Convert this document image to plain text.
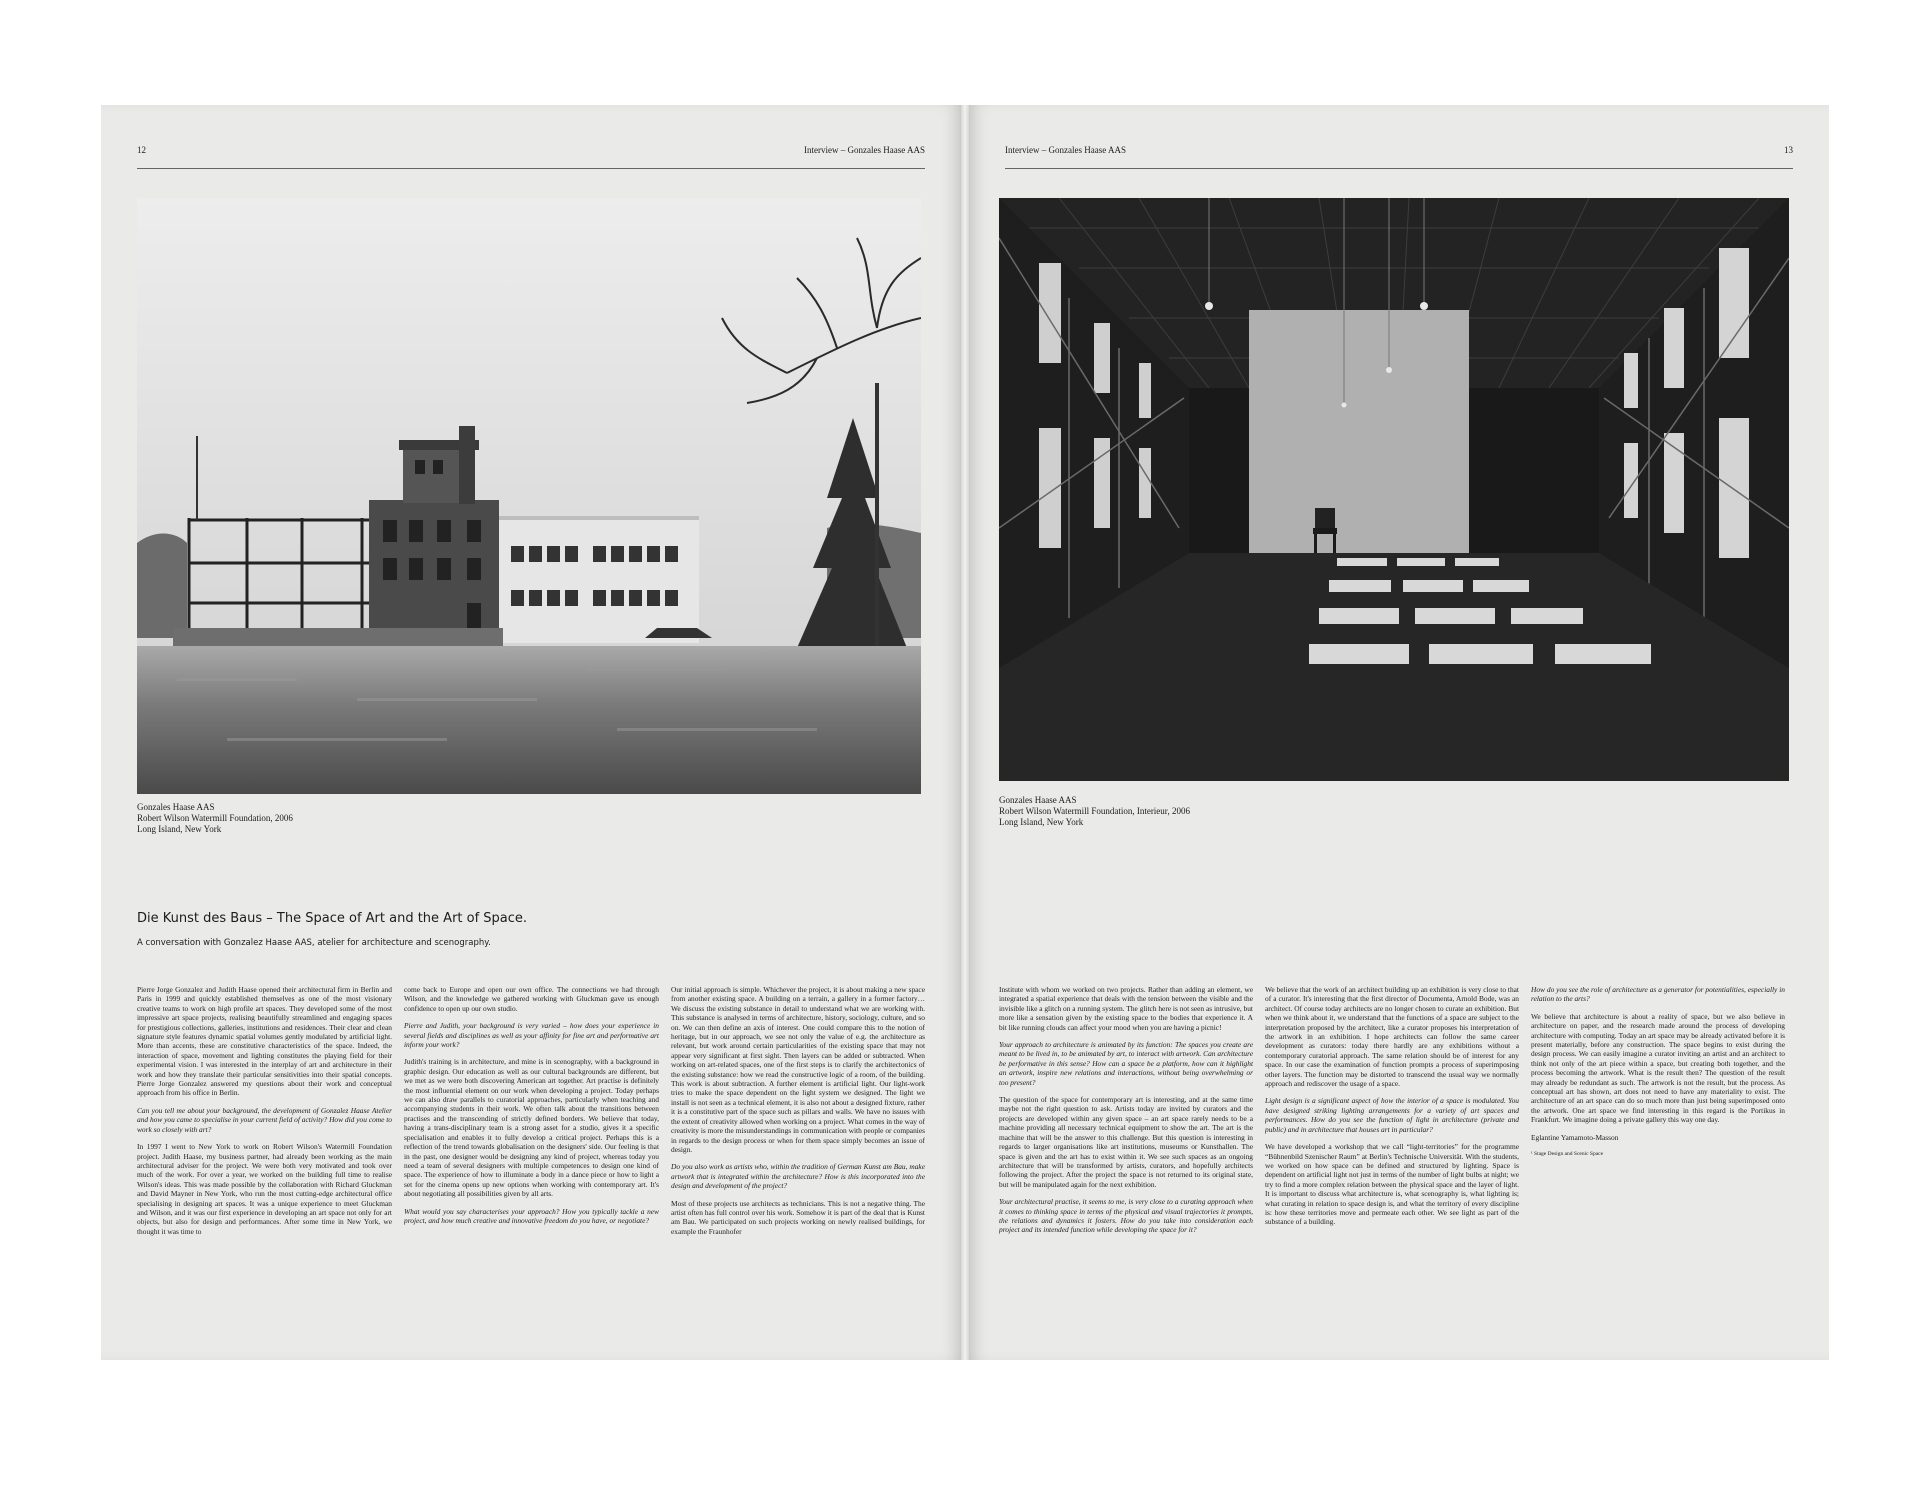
12	Interview – Gonzales Haase AAS
Gonzales Haase AAS
Robert Wilson Watermill Foundation, 2006
Long Island, New York
Die Kunst des Baus – The Space of Art and the Art of Space.
A conversation with Gonzalez Haase AAS, atelier for architecture and scenography.

Pierre Jorge Gonzalez and Judith Haase opened their architectural firm in Berlin and Paris in 1999 and quickly established themselves as one of the most visionary creative teams to work on high profile art spaces. They developed some of the most impressive art space projects, realising beautifully streamlined and engaging spaces for prestigious collections, galleries, institutions and residences. Their clear and clean signature style features dynamic spatial volumes gently modulated by artificial light. More than accents, these are constitutive characteristics of the space. Indeed, the interaction of space, movement and lighting constitutes the playing field for their experimental vision. I was interested in the interplay of art and architecture in their work and how they translate their particular sensitivities into their spatial concepts. Pierre Jorge Gonzalez answered my questions about their work and conceptual approach from his office in Berlin.

Can you tell me about your background, the development of Gonzalez Haase Atelier and how you came to specialise in your current field of activity? How did you come to work so closely with art?

In 1997 I went to New York to work on Robert Wilson's Watermill Foundation project. Judith Haase, my business partner, had already been working as the main architectural adviser for the project. We were both very motivated and took over much of the work. For over a year, we worked on the building full time to realise Wilson's ideas. This was made possible by the collaboration with Richard Gluckman and David Mayner in New York, who run the most cutting-edge architectural office specialising in designing art spaces. It was a unique experience to meet Gluckman and Wilson, and it was our first experience in developing an art space not only for art objects, but also for design and performances. After some time in New York, we thought it was time to

come back to Europe and open our own office. The connections we had through Wilson, and the knowledge we gathered working with Gluckman gave us enough confidence to open up our own studio.

Pierre and Judith, your background is very varied – how does your experience in several fields and disciplines as well as your affinity for fine art and performative art inform your work?

Judith's training is in architecture, and mine is in scenography, with a background in graphic design. Our education as well as our cultural backgrounds are different, but we met as we were both discovering American art together. Art practise is definitely the most influential element on our work when developing a project. Today perhaps we can also draw parallels to curatorial approaches, particularly when teaching and accompanying students in their work. We often talk about the transitions between practises and the transcending of strictly defined borders. We believe that today, having a trans-disciplinary team is a strong asset for a studio, gives it a specific specialisation and enables it to fully develop a critical project. Perhaps this is a reflection of the trend towards globalisation on the designers' side. Our feeling is that in the past, one designer would be designing any kind of project, whereas today you need a team of several designers with multiple competences to design one kind of space. The experience of how to illuminate a body in a dance piece or how to light a set for the cinema opens up new options when working with contemporary art. It's about negotiating all possibilities given by all arts.

What would you say characterises your approach? How you typically tackle a new project, and how much creative and innovative freedom do you have, or negotiate?

Our initial approach is simple. Whichever the project, it is about making a new space from another existing space. A building on a terrain, a gallery in a former factory… We discuss the existing substance in detail to understand what we are working with. This substance is analysed in terms of architecture, history, sociology, culture, and so on. We can then define an axis of interest. One could compare this to the notion of heritage, but in our approach, we see not only the value of e.g. the architecture as relevant, but work around certain particularities of the existing space that may not appear very significant at first sight. Then layers can be added or subtracted. When working on art-related spaces, one of the first steps is to clarify the architectonics of the existing substance: how we read the constructive logic of a room, of the building. This work is about subtraction. A further element is artificial light. Our light-work tries to make the space dependent on the light system we designed. The light we install is not seen as a technical element, it is also not about a designed fixture, rather it is a constitutive part of the space such as pillars and walls. We have no issues with the extent of creativity allowed when working on a project. What comes in the way of creativity is more the misunderstandings in communication with people or companies in regards to the design process or when for them space simply becomes an issue of design.

Do you also work as artists who, within the tradition of German Kunst am Bau, make artwork that is integrated within the architecture? How is this incorporated into the design and development of the project?

Most of these projects use architects as technicians. This is not a negative thing. The artist often has full control over his work. Somehow it is part of the deal that is Kunst am Bau. We participated on such projects working on newly realised buildings, for example the Fraunhofer

Interview – Gonzales Haase AAS	13
Gonzales Haase AAS
Robert Wilson Watermill Foundation, Interieur, 2006
Long Island, New York

Institute with whom we worked on two projects. Rather than adding an element, we integrated a spatial experience that deals with the tension between the visible and the invisible like a glitch on a running system. The glitch here is not seen as intrusive, but more like a sensation given by the existing space to the bodies that experience it. A bit like running clouds can affect your mood when you are having a picnic!

Your approach to architecture is animated by its function: The spaces you create are meant to be lived in, to be animated by art, to interact with artwork. Can architecture be performative in this sense? How can a space be a platform, how can it highlight an artwork, inspire new relations and interactions, without being overwhelming or too present?

The question of the space for contemporary art is interesting, and at the same time maybe not the right question to ask. Artists today are invited by curators and the projects are developed within any given space – an art space rarely needs to be a machine providing all necessary technical equipment to show the art. The art is the machine that will be the answer to this challenge. But this question is interesting in regards to larger organisations like art institutions, museums or Kunsthallen. The space is given and the art has to exist within it. We see such spaces as an ongoing architecture that will be transformed by artists, curators, and hopefully architects following the project. After the project the space is not returned to its original state, but will be manipulated again for the next exhibition.

Your architectural practise, it seems to me, is very close to a curating approach when it comes to thinking space in terms of the physical and visual trajectories it prompts, the relations and dynamics it fosters. How do you take into consideration each project and its intended function while developing the space for it?

We believe that the work of an architect building up an exhibition is very close to that of a curator. It's interesting that the first director of Documenta, Arnold Bode, was an architect. Of course today architects are no longer chosen to curate an exhibition. But when we think about it, we understand that the functions of a space are subject to the interpretation proposed by the architect, like a curator proposes his interpretation of the artwork in an exhibition. I hope architects can follow the same career development as curators: today there hardly are any exhibitions without a contemporary curatorial approach. The same relation should be of interest for any space. In our case the examination of function prompts a process of superimposing other layers. The function may be distorted to transcend the usual way we normally approach and rediscover the usage of a space.

Light design is a significant aspect of how the interior of a space is modulated. You have designed striking lighting arrangements for a variety of art spaces and performances. How do you see the function of light in architecture (private and public) and in architecture that houses art in particular?

We have developed a workshop that we call “light-territories” for the programme “Bühnenbild Szenischer Raum” at Berlin's Technische Universität. With the students, we worked on how space can be defined and structured by lighting. Space is dependent on artificial light not just in terms of the number of light bulbs at night; we try to find a more complex relation between the physical space and the layer of light. It is important to discuss what architecture is, what scenography is, what lighting is; what curating in relation to space design is, and what the territory of every discipline is: how these territories move and permeate each other. We see light as part of the substance of a building.

How do you see the role of architecture as a generator for potentialities, especially in relation to the arts?

We believe that architecture is about a reality of space, but we also believe in architecture on paper, and the research made around the process of developing architecture with computing. Today an art space may be already activated before it is present materially, before any construction. The space begins to exist during the design process. We can easily imagine a curator inviting an artist and an architect to think not only of the art piece within a space, but creating both together, and the process becoming the artwork. What is the result then? The question of the result may already be redundant as such. The artwork is not the result, but the process. As conceptual art has shown, art does not need to have any materiality to exist. The architecture of an art space can do so much more than just being superimposed onto the artwork. One art space we find interesting in this regard is the Portikus in Frankfurt. We imagine doing a private gallery this way one day.

Eglantine Yamamoto-Masson

¹ Stage Design and Scenic Space
